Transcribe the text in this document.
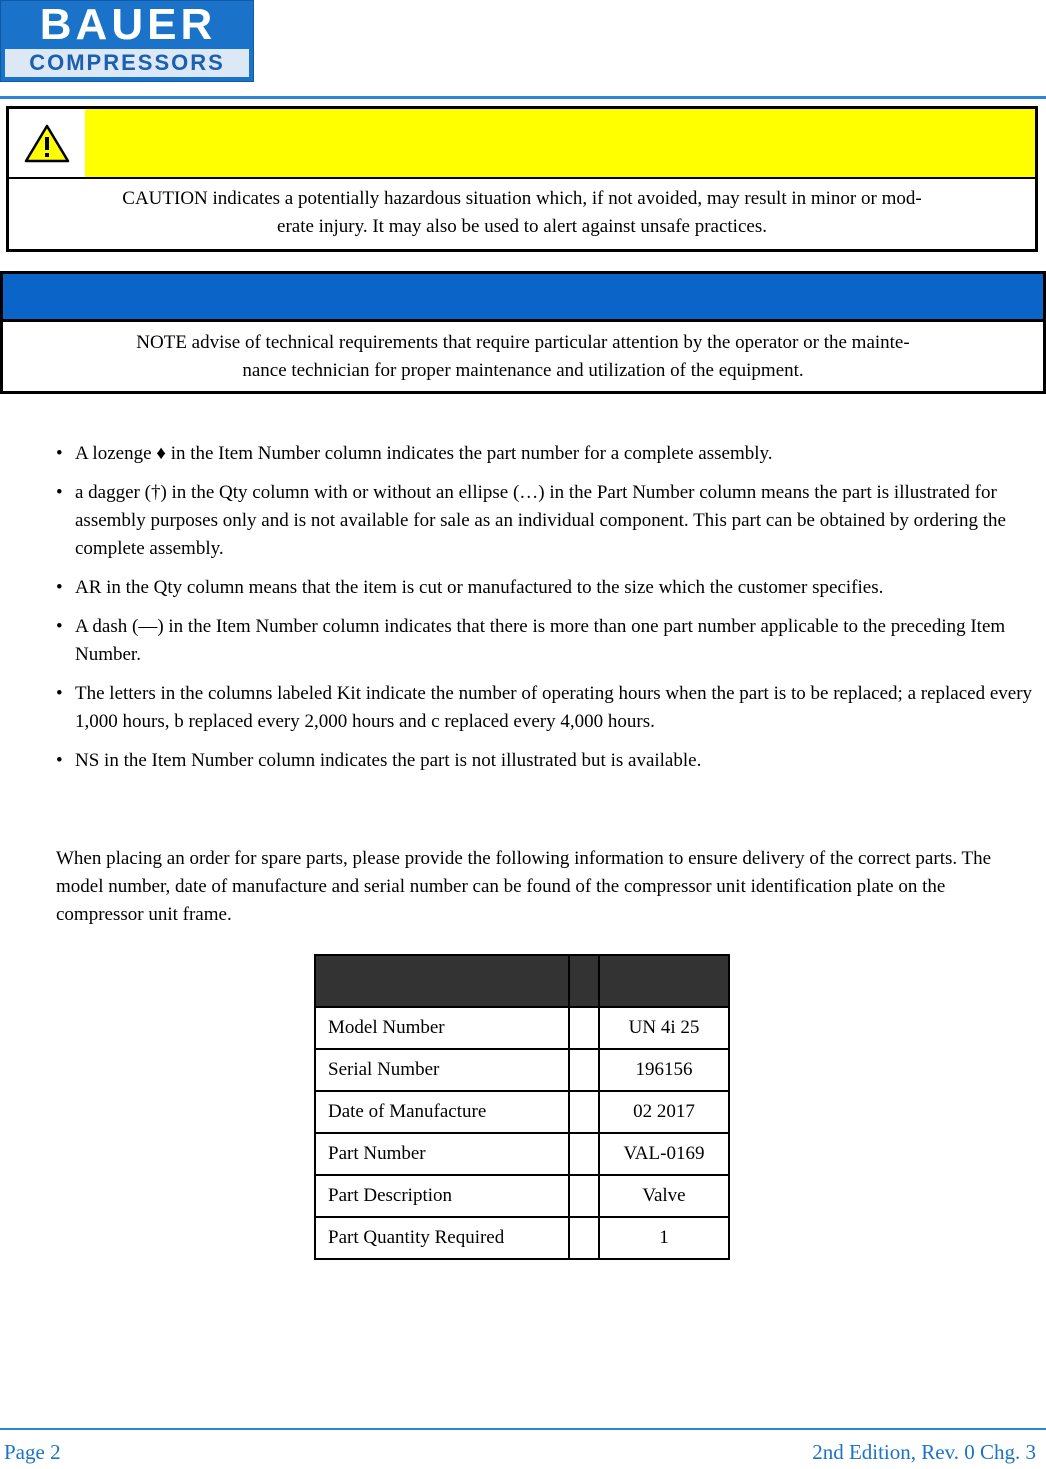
BAUER
COMPRESSORS
CAUTION indicates a potentially hazardous situation which, if not avoided, may result in minor or mod-
erate injury. It may also be used to alert against unsafe practices.
NOTE advise of technical requirements that require particular attention by the operator or the mainte-
nance technician for proper maintenance and utilization of the equipment.
• A lozenge ♦ in the Item Number column indicates the part number for a complete assembly.
• a dagger (†) in the Qty column with or without an ellipse (…) in the Part Number column means the part is illustrated for assembly purposes only and is not available for sale as an individual component. This part can be obtained by ordering the complete assembly.
• AR in the Qty column means that the item is cut or manufactured to the size which the customer specifies.
• A dash (—) in the Item Number column indicates that there is more than one part number applicable to the preceding Item Number.
• The letters in the columns labeled Kit indicate the number of operating hours when the part is to be replaced; a replaced every 1,000 hours, b replaced every 2,000 hours and c replaced every 4,000 hours.
• NS in the Item Number column indicates the part is not illustrated but is available.
When placing an order for spare parts, please provide the following information to ensure delivery of the correct parts. The model number, date of manufacture and serial number can be found of the compressor unit identification plate on the compressor unit frame.

Model Number		UN 4i 25
Serial Number		196156
Date of Manufacture		02 2017
Part Number		VAL-0169
Part Description		Valve
Part Quantity Required		1
Page 2	2nd Edition, Rev. 0 Chg. 3
